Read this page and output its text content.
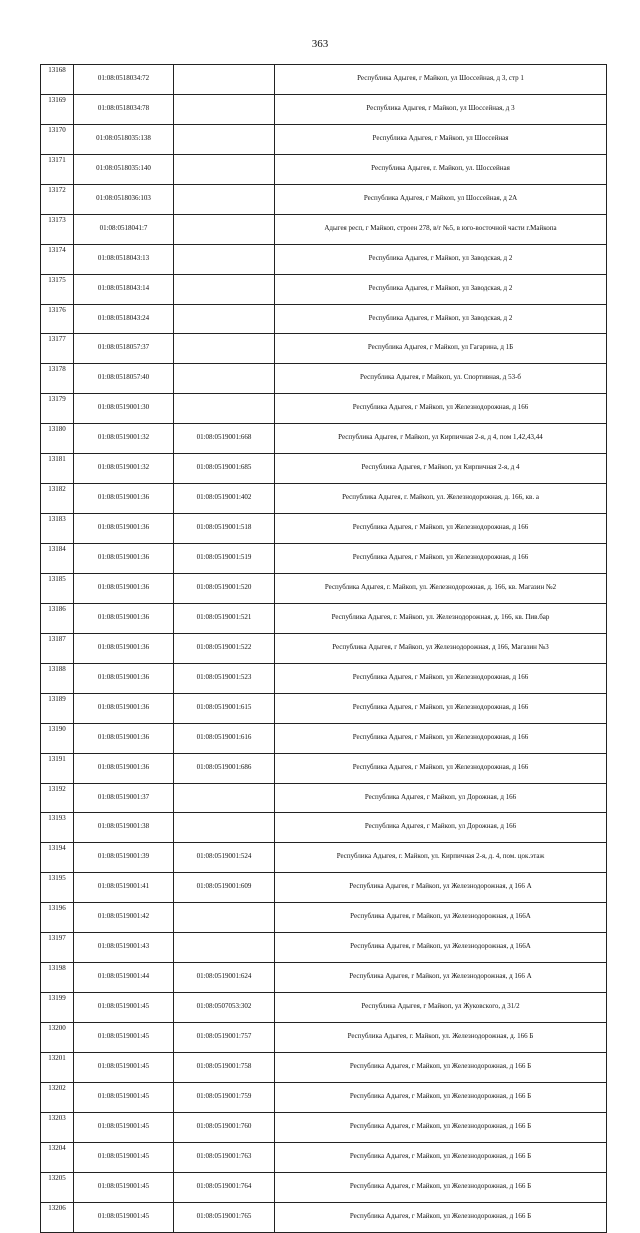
363
13168	01:08:0518034:72		Республика Адыгея, г Майкоп, ул Шоссейная, д 3, стр 1
13169	01:08:0518034:78		Республика Адыгея, г Майкоп, ул Шоссейная, д 3
13170	01:08:0518035:138		Республика Адыгея, г Майкоп, ул Шоссейная
13171	01:08:0518035:140		Республика Адыгея, г. Майкоп, ул. Шоссейная
13172	01:08:0518036:103		Республика Адыгея, г Майкоп, ул Шоссейная, д 2А
13173	01:08:0518041:7		Адыгея респ, г Майкоп, строен 278, в/г №5, в юго-восточной части г.Майкопа
13174	01:08:0518043:13		Республика Адыгея, г Майкоп, ул Заводская, д 2
13175	01:08:0518043:14		Республика Адыгея, г Майкоп, ул Заводская, д 2
13176	01:08:0518043:24		Республика Адыгея, г Майкоп, ул Заводская, д 2
13177	01:08:0518057:37		Республика Адыгея, г Майкоп, ул Гагарина, д 1Б
13178	01:08:0518057:40		Республика Адыгея, г Майкоп, ул. Спортивная, д 53-б
13179	01:08:0519001:30		Республика Адыгея, г Майкоп, ул Железнодорожная, д 166
13180	01:08:0519001:32	01:08:0519001:668	Республика Адыгея, г Майкоп, ул Кирпичная 2-я, д 4, пом 1,42,43,44
13181	01:08:0519001:32	01:08:0519001:685	Республика Адыгея, г Майкоп, ул Кирпичная 2-я, д 4
13182	01:08:0519001:36	01:08:0519001:402	Республика Адыгея, г. Майкоп, ул. Железнодорожная, д. 166, кв. а
13183	01:08:0519001:36	01:08:0519001:518	Республика Адыгея, г Майкоп, ул Железнодорожная, д 166
13184	01:08:0519001:36	01:08:0519001:519	Республика Адыгея, г Майкоп, ул Железнодорожная, д 166
13185	01:08:0519001:36	01:08:0519001:520	Республика Адыгея, г. Майкоп, ул. Железнодорожная, д. 166, кв. Магазин №2
13186	01:08:0519001:36	01:08:0519001:521	Республика Адыгея, г. Майкоп, ул. Железнодорожная, д. 166, кв. Пив.бар
13187	01:08:0519001:36	01:08:0519001:522	Республика Адыгея, г Майкоп, ул Железнодорожная, д 166, Магазин №3
13188	01:08:0519001:36	01:08:0519001:523	Республика Адыгея, г Майкоп, ул Железнодорожная, д 166
13189	01:08:0519001:36	01:08:0519001:615	Республика Адыгея, г Майкоп, ул Железнодорожная, д 166
13190	01:08:0519001:36	01:08:0519001:616	Республика Адыгея, г Майкоп, ул Железнодорожная, д 166
13191	01:08:0519001:36	01:08:0519001:686	Республика Адыгея, г Майкоп, ул Железнодорожная, д 166
13192	01:08:0519001:37		Республика Адыгея, г Майкоп, ул Дорожная, д 166
13193	01:08:0519001:38		Республика Адыгея, г Майкоп, ул Дорожная, д 166
13194	01:08:0519001:39	01:08:0519001:524	Республика Адыгея, г. Майкоп, ул. Кирпичная 2-я, д. 4, пом. цок.этаж
13195	01:08:0519001:41	01:08:0519001:609	Республика Адыгея, г Майкоп, ул Железнодорожная, д 166 А
13196	01:08:0519001:42		Республика Адыгея, г Майкоп, ул Железнодорожная, д 166А
13197	01:08:0519001:43		Республика Адыгея, г Майкоп, ул Железнодорожная, д 166А
13198	01:08:0519001:44	01:08:0519001:624	Республика Адыгея, г Майкоп, ул Железнодорожная, д 166 А
13199	01:08:0519001:45	01:08:0507053:302	Республика Адыгея, г Майкоп, ул Жуковского, д 31/2
13200	01:08:0519001:45	01:08:0519001:757	Республика Адыгея, г. Майкоп, ул. Железнодорожная, д. 166 Б
13201	01:08:0519001:45	01:08:0519001:758	Республика Адыгея, г Майкоп, ул Железнодорожная, д 166 Б
13202	01:08:0519001:45	01:08:0519001:759	Республика Адыгея, г Майкоп, ул Железнодорожная, д 166 Б
13203	01:08:0519001:45	01:08:0519001:760	Республика Адыгея, г Майкоп, ул Железнодорожная, д 166 Б
13204	01:08:0519001:45	01:08:0519001:763	Республика Адыгея, г Майкоп, ул Железнодорожная, д 166 Б
13205	01:08:0519001:45	01:08:0519001:764	Республика Адыгея, г Майкоп, ул Железнодорожная, д 166 Б
13206	01:08:0519001:45	01:08:0519001:765	Республика Адыгея, г Майкоп, ул Железнодорожная, д 166 Б
